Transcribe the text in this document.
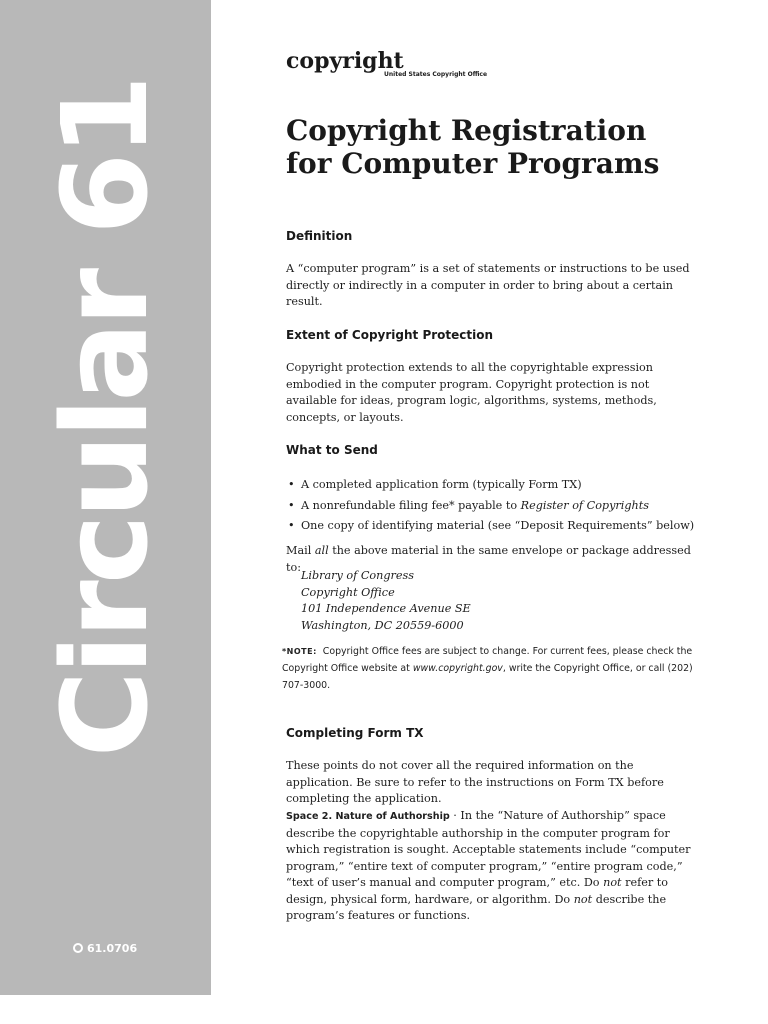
Circular 61
61.0706
copyright
United States Copyright Office
Copyright Registration
for Computer Programs
Definition

A “computer program” is a set of statements or instructions to be used directly or indirectly in a computer in order to bring about a certain result.

Extent of Copyright Protection

Copyright protection extends to all the copyrightable expression embodied in the computer program. Copyright protection is not available for ideas, program logic, algorithms, systems, methods, concepts, or layouts.

What to Send
• A completed application form (typically Form TX)
• A nonrefundable filing fee* payable to Register of Copyrights
• One copy of identifying material (see “Deposit Requirements” below)

Mail all the above material in the same envelope or package addressed to:

Library of Congress
Copyright Office
101 Independence Avenue SE
Washington, DC 20559-6000

*NOTE: Copyright Office fees are subject to change. For current fees, please check the Copyright Office website at www.copyright.gov, write the Copyright Office, or call (202) 707-3000.

Completing Form TX

These points do not cover all the required information on the application. Be sure to refer to the instructions on Form TX before completing the application.

Space 2. Nature of Authorship · In the “Nature of Authorship” space describe the copyrightable authorship in the computer program for which registration is sought. Acceptable statements include “computer program,” “entire text of computer program,” “entire program code,” “text of user’s manual and computer program,” etc. Do not refer to design, physical form, hardware, or algorithm. Do not describe the program’s features or functions.
